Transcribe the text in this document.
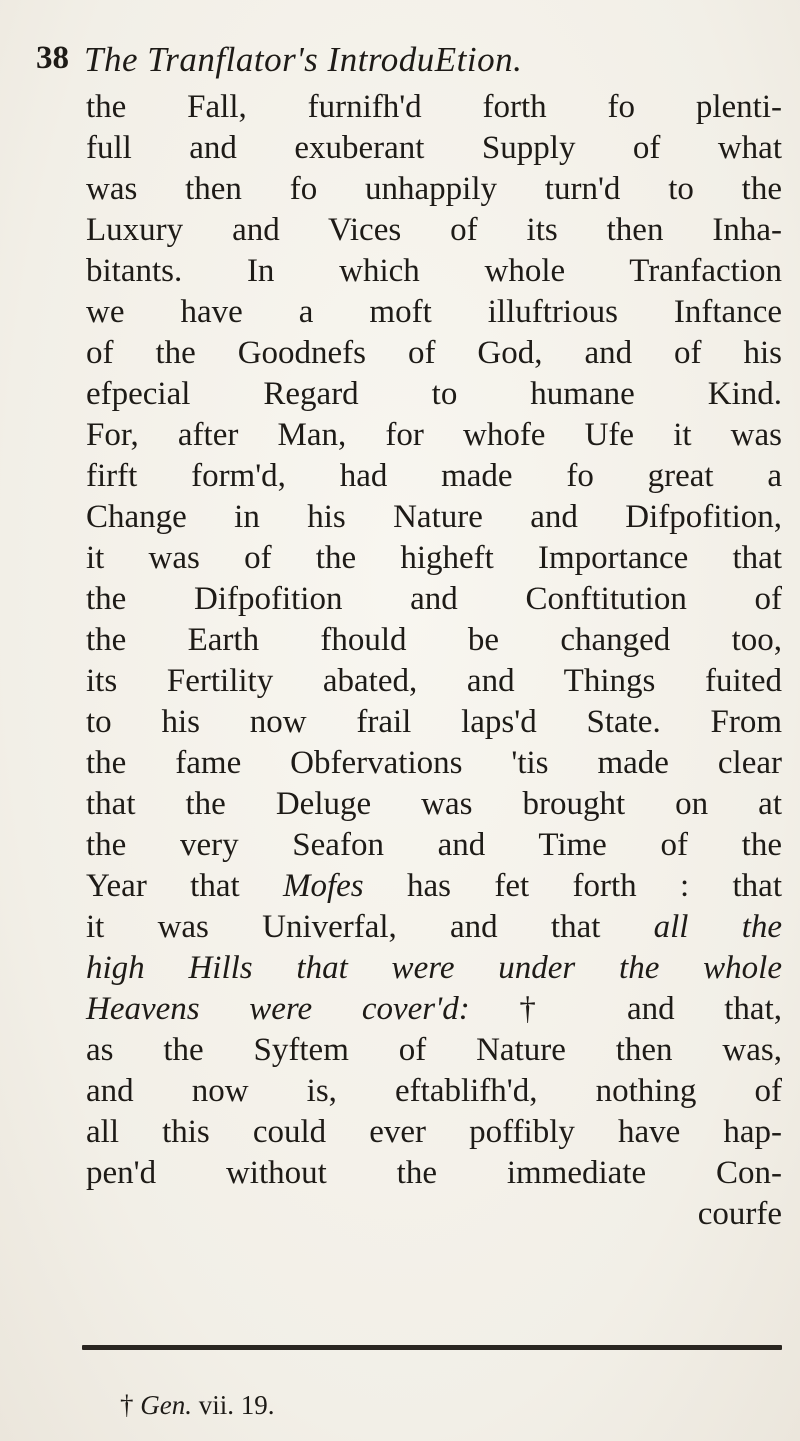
38 The Tranflator's IntroduEtion.
the Fall, furnifh'd forth fo plenti-
full and exuberant Supply of what
was then fo unhappily turn'd to the
Luxury and Vices of its then Inha-
bitants. In which whole Tranfaction
we have a moft illuftrious Inftance
of the Goodnefs of God, and of his
efpecial Regard to humane Kind.
For, after Man, for whofe Ufe it was
firft form'd, had made fo great a
Change in his Nature and Difpofition,
it was of the higheft Importance that
the Difpofition and Conftitution of
the Earth fhould be changed too,
its Fertility abated, and Things fuited
to his now frail laps'd State. From
the fame Obfervations 'tis made clear
that the Deluge was brought on at
the very Seafon and Time of the
Year that Mofes has fet forth : that
it was Univerfal, and that all the
high Hills that were under the whole
Heavens were cover'd: † and that,
as the Syftem of Nature then was,
and now is, eftablifh'd, nothing of
all this could ever poffibly have hap-
pen'd without the immediate Con-
courfe
† Gen. vii. 19.
